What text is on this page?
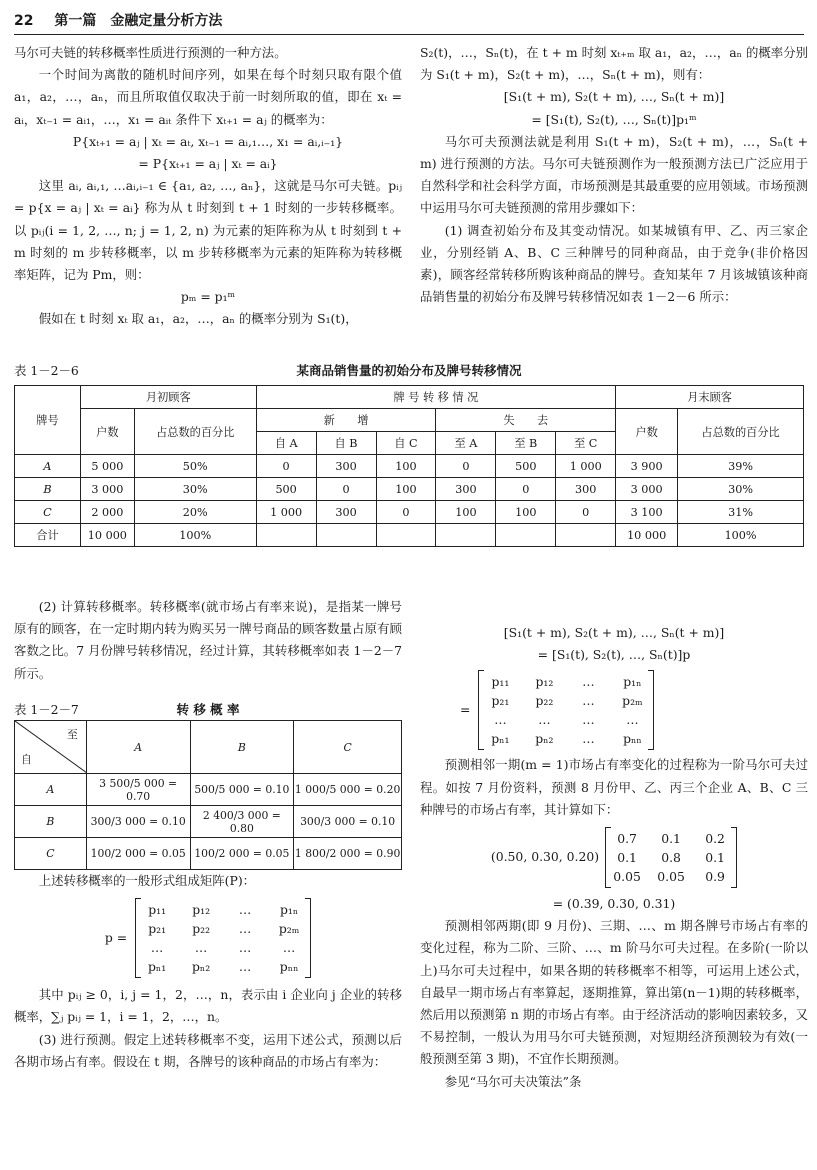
22 第一篇　金融定量分析方法

马尔可夫链的转移概率性质进行预测的一种方法。

一个时间为离散的随机时间序列，如果在每个时刻只取有限个值 a₁，a₂，…，aₙ，而且所取值仅取决于前一时刻所取的值，即在 xₜ = aᵢ，xₜ₋₁ = aᵢ₁，…，x₁ = aᵢₜ 条件下 xₜ₊₁ = aⱼ 的概率为：

P{xₜ₊₁ = aⱼ | xₜ = aₜ, xₜ₋₁ = aᵢ,₁…, x₁ = aᵢ,ᵢ₋₁}

= P{xₜ₊₁ = aⱼ | xₜ = aᵢ}

这里 aᵢ, aᵢ,₁, …aᵢ,ᵢ₋₁ ∈ {a₁, a₂, …, aₙ}，这就是马尔可夫链。pᵢⱼ = p{x = aⱼ | xₜ = aᵢ} 称为从 t 时刻到 t + 1 时刻的一步转移概率。以 pᵢⱼ(i = 1, 2, …, n; j = 1, 2, n) 为元素的矩阵称为从 t 时刻到 t + m 时刻的 m 步转移概率，以 m 步转移概率为元素的矩阵称为转移概率矩阵，记为 Pm，则：

pₘ = p₁ᵐ

假如在 t 时刻 xₜ 取 a₁，a₂，…，aₙ 的概率分别为 S₁(t)，

S₂(t)，…，Sₙ(t)，在 t + m 时刻 xₜ₊ₘ 取 a₁，a₂，…，aₙ 的概率分别为 S₁(t + m)，S₂(t + m)，…，Sₙ(t + m)，则有：

[S₁(t + m), S₂(t + m), …, Sₙ(t + m)]

= [S₁(t), S₂(t), …, Sₙ(t)]p₁ᵐ

马尔可夫预测法就是利用 S₁(t + m)，S₂(t + m)，…，Sₙ(t + m) 进行预测的方法。马尔可夫链预测作为一般预测方法已广泛应用于自然科学和社会科学方面，市场预测是其最重要的应用领域。市场预测中运用马尔可夫链预测的常用步骤如下：

(1) 调查初始分布及其变动情况。如某城镇有甲、乙、丙三家企业，分别经销 A、B、C 三种牌号的同种商品，由于竞争(非价格因素)，顾客经常转移所购该种商品的牌号。查知某年 7 月该城镇该种商品销售量的初始分布及牌号转移情况如表 1－2－6 所示：

表 1－2－6	某商品销售量的初始分布及牌号转移情况
牌号	月初顾客		牌 号 转 移 情 况						月末顾客	
	户数	占总数的百分比	新　　增			失　　去			户数	占总数的百分比
			自 A	自 B	自 C	至 A	至 B	至 C		
A	5 000	50%	0	300	100	0	500	1 000	3 900	39%
B	3 000	30%	500	0	100	300	0	300	3 000	30%
C	2 000	20%	1 000	300	0	100	100	0	3 100	31%
合计	10 000	100%							10 000	100%

(2) 计算转移概率。转移概率(就市场占有率来说)，是指某一牌号原有的顾客，在一定时期内转为购买另一牌号商品的顾客数量占原有顾客数之比。7 月份牌号转移情况，经过计算，其转移概率如表 1－2－7 所示。

表 1－2－7	转 移 概 率
至
自	A	B	C
A	3 500/5 000 = 0.70	500/5 000 = 0.10	1 000/5 000 = 0.20
B	300/3 000 = 0.10	2 400/3 000 = 0.80	300/3 000 = 0.10
C	100/2 000 = 0.05	100/2 000 = 0.05	1 800/2 000 = 0.90

上述转移概率的一般形式组成矩阵(P)：

p =
p₁₁	p₁₂	…	p₁ₙ
p₂₁	p₂₂	…	p₂ₘ
…	…	…	…
pₙ₁	pₙ₂	…	pₙₙ

其中 pᵢⱼ ≥ 0，i, j = 1，2，…，n，表示由 i 企业向 j 企业的转移概率，∑ⱼ pᵢⱼ = 1，i = 1，2，…，n。

(3) 进行预测。假定上述转移概率不变，运用下述公式，预测以后各期市场占有率。假设在 t 期，各牌号的该种商品的市场占有率为：

[S₁(t + m), S₂(t + m), …, Sₙ(t + m)]

= [S₁(t), S₂(t), …, Sₙ(t)]p

=
p₁₁	p₁₂	…	p₁ₙ
p₂₁	p₂₂	…	p₂ₘ
…	…	…	…
pₙ₁	pₙ₂	…	pₙₙ

预测相邻一期(m = 1)市场占有率变化的过程称为一阶马尔可夫过程。如按 7 月份资料，预测 8 月份甲、乙、丙三个企业 A、B、C 三种牌号的市场占有率，其计算如下：

(0.50, 0.30, 0.20)
0.7	0.1	0.2
0.1	0.8	0.1
0.05 0.05	0.9

= (0.39, 0.30, 0.31)

预测相邻两期(即 9 月份)、三期、…、m 期各牌号市场占有率的变化过程，称为二阶、三阶、…、m 阶马尔可夫过程。在多阶(一阶以上)马尔可夫过程中，如果各期的转移概率不相等，可运用上述公式，自最早一期市场占有率算起，逐期推算，算出第(n－1)期的转移概率，然后用以预测第 n 期的市场占有率。由于经济活动的影响因素较多，又不易控制，一般认为用马尔可夫链预测，对短期经济预测较为有效(一般预测至第 3 期)，不宜作长期预测。

参见“马尔可夫决策法”条
